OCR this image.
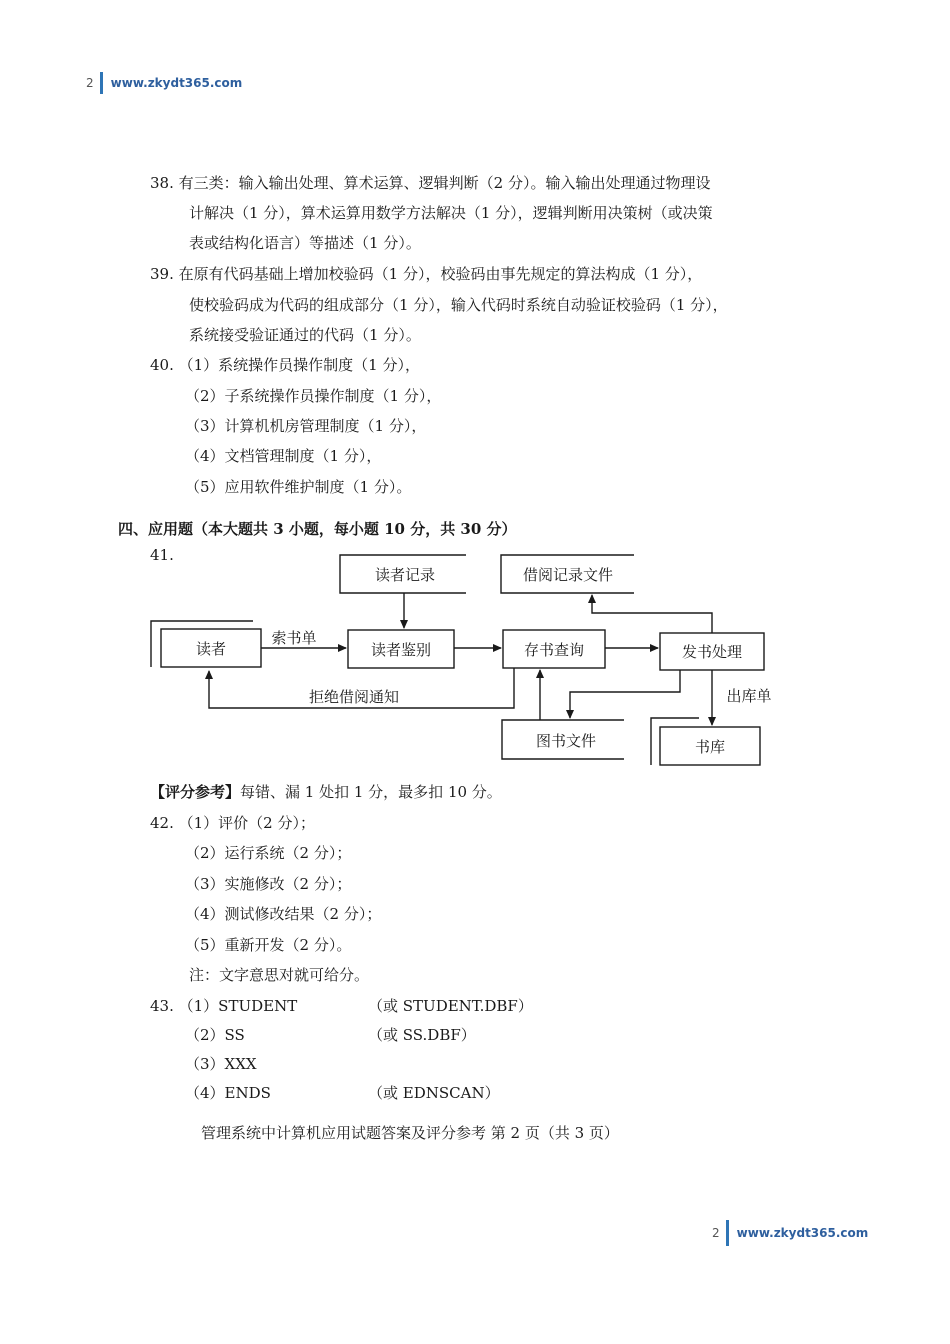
2 www.zkydt365.com
38. 有三类：输入输出处理、算术运算、逻辑判断（2 分）。输入输出处理通过物理设
计解决（1 分），算术运算用数学方法解决（1 分），逻辑判断用决策树（或决策
表或结构化语言）等描述（1 分）。
39. 在原有代码基础上增加校验码（1 分），校验码由事先规定的算法构成（1 分），
使校验码成为代码的组成部分（1 分），输入代码时系统自动验证校验码（1 分），
系统接受验证通过的代码（1 分）。
40. （1）系统操作员操作制度（1 分），
（2）子系统操作员操作制度（1 分），
（3）计算机机房管理制度（1 分），
（4）文档管理制度（1 分），
（5）应用软件维护制度（1 分）。
四、应用题（本大题共 3 小题，每小题 10 分，共 30 分）
41.
读者
读者记录
读者鉴别	存书查询
借阅记录文件
发书处理
图书文件	书库
索书单
拒绝借阅通知	出库单
【评分参考】每错、漏 1 处扣 1 分，最多扣 10 分。
42. （1）评价（2 分）；
（2）运行系统（2 分）；
（3）实施修改（2 分）；
（4）测试修改结果（2 分）；
（5）重新开发（2 分）。
注：文字意思对就可给分。
43. （1）STUDENT	（或 STUDENT.DBF）
（2）SS	（或 SS.DBF）
（3）XXX
（4）ENDS	（或 EDNSCAN）
管理系统中计算机应用试题答案及评分参考 第 2 页（共 3 页）
2 www.zkydt365.com
